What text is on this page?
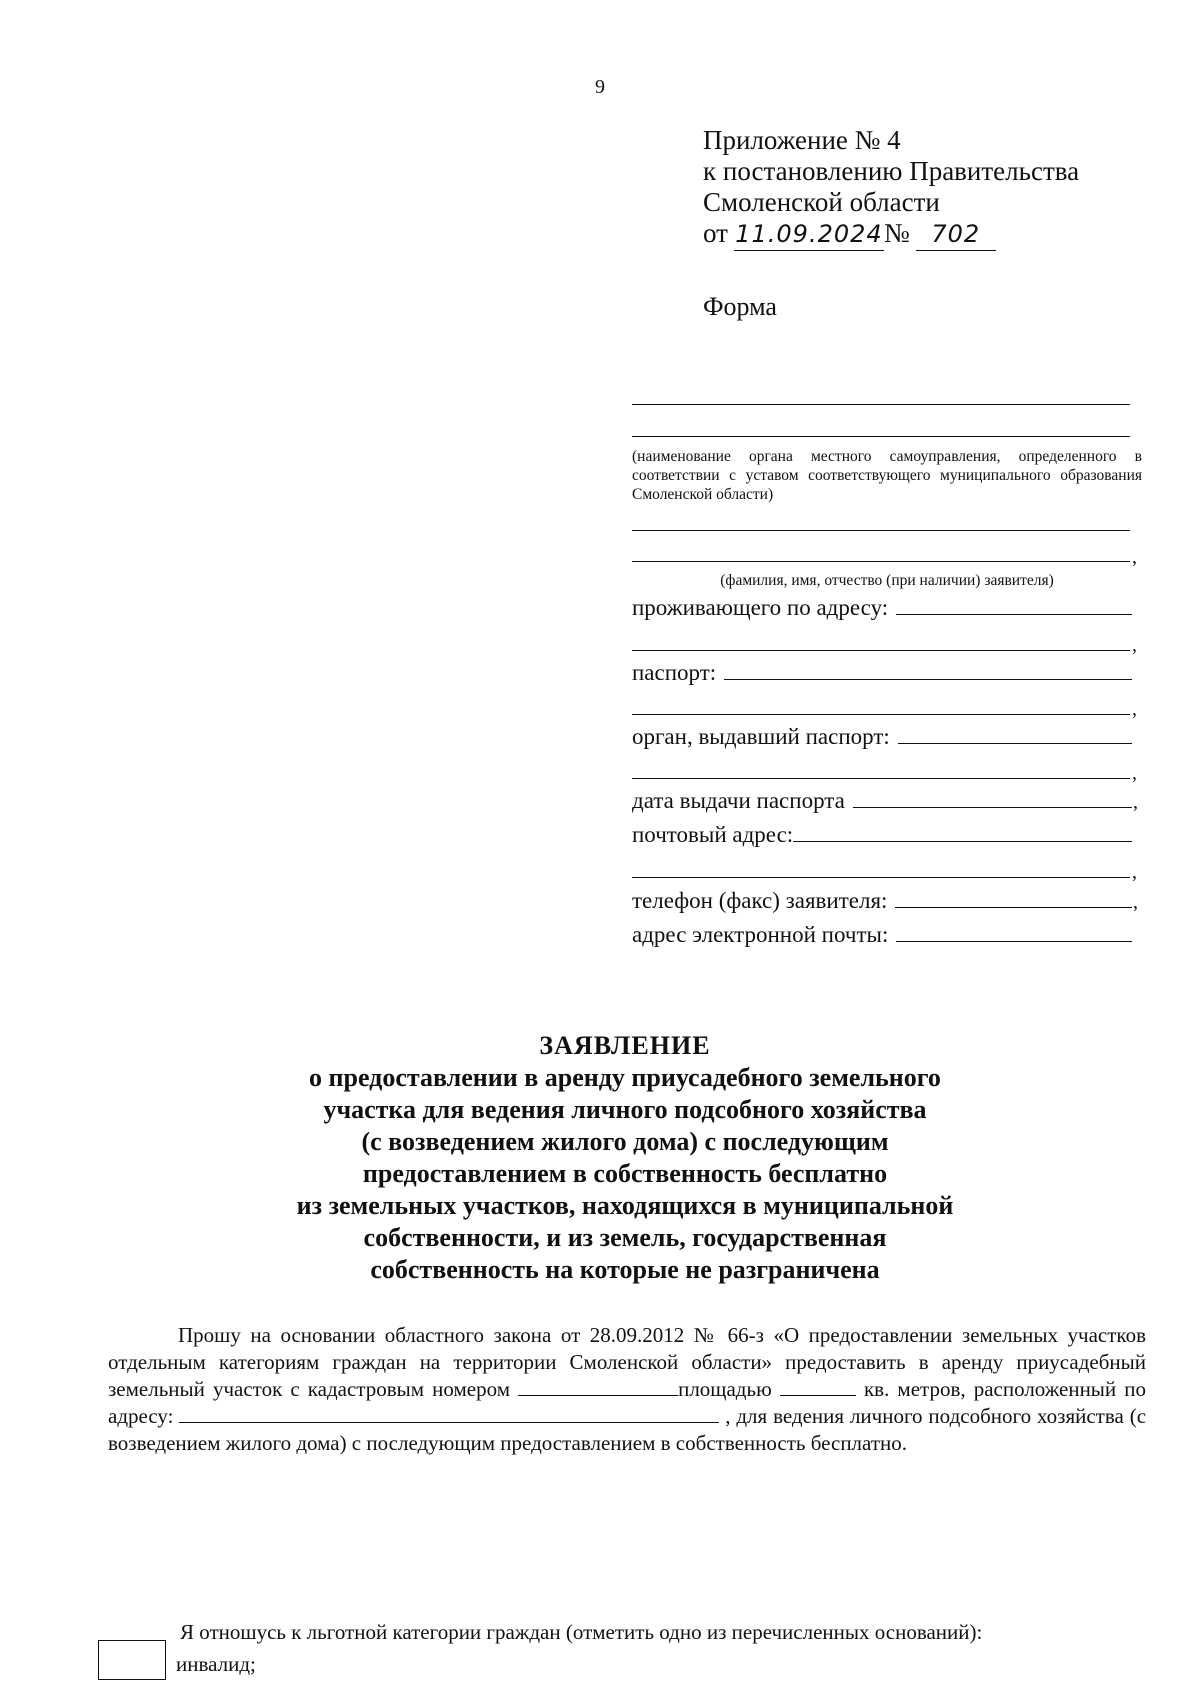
9
Приложение № 4
к постановлению Правительства
Смоленской области
от 11.09.2024 № 702
Форма
(наименование органа местного самоуправления, определенного в соответствии с уставом соответствующего муниципального образования Смоленской области)
,
(фамилия, имя, отчество (при наличии) заявителя)
проживающего по адресу:
,
паспорт:
,
орган, выдавший паспорт:
,
дата выдачи паспорта	,
почтовый адрес:
,
телефон (факс) заявителя:	,
адрес электронной почты:
ЗАЯВЛЕНИЕ
о предоставлении в аренду приусадебного земельного
участка для ведения личного подсобного хозяйства
(с возведением жилого дома) с последующим
предоставлением в собственность бесплатно
из земельных участков, находящихся в муниципальной
собственности, и из земель, государственная
собственность на которые не разграничена
Прошу на основании областного закона от 28.09.2012 № 66-з «О предоставлении земельных участков отдельным категориям граждан на территории Смоленской области» предоставить в аренду приусадебный земельный участок с кадастровым номером	площадью	кв. метров, расположенный по адресу:	, для ведения личного подсобного хозяйства (с возведением жилого дома) с последующим предоставлением в собственность бесплатно.
Я отношусь к льготной категории граждан (отметить одно из перечисленных оснований):
инвалид;
